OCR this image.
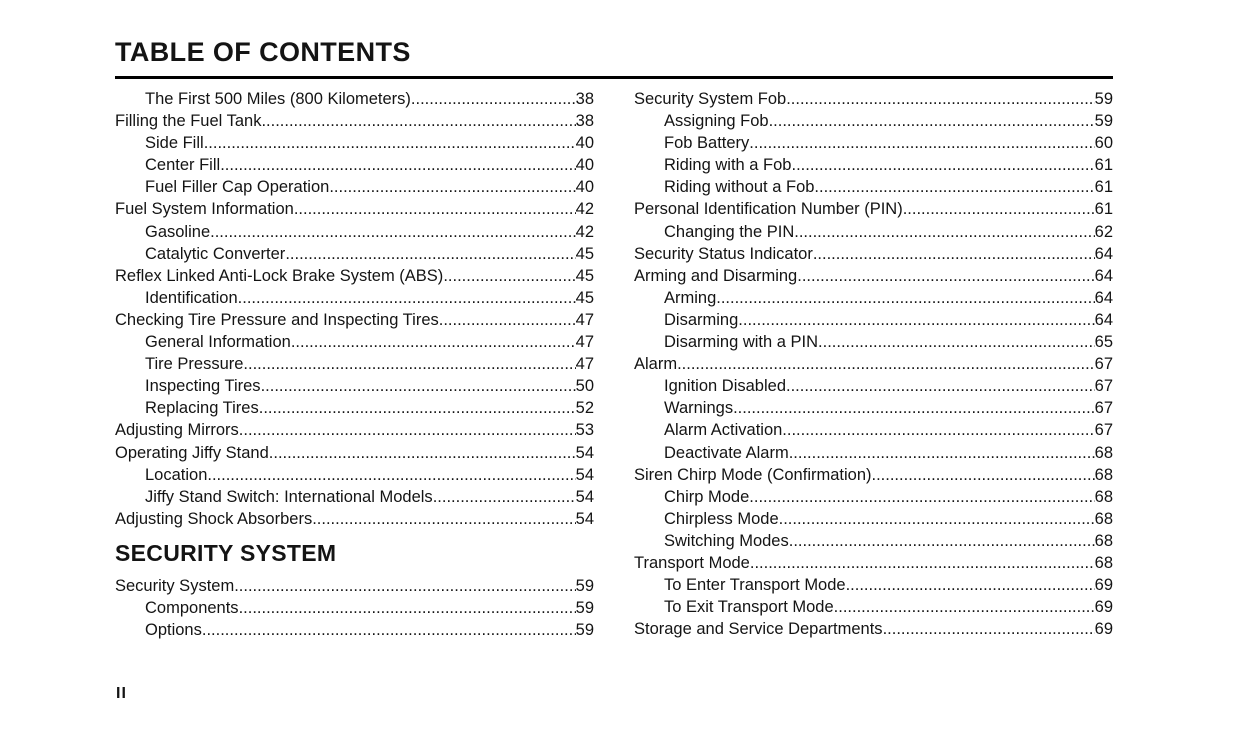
TABLE OF CONTENTS
The First 500 Miles (800 Kilometers) .....	38
Filling the Fuel Tank .....	38
Side Fill .....	40
Center Fill .....	40
Fuel Filler Cap Operation .....	40
Fuel System Information .....	42
Gasoline .....	42
Catalytic Converter .....	45
Reflex Linked Anti-Lock Brake System (ABS) .....	45
Identification .....	45
Checking Tire Pressure and Inspecting Tires .....	47
General Information .....	47
Tire Pressure .....	47
Inspecting Tires .....	50
Replacing Tires .....	52
Adjusting Mirrors .....	53
Operating Jiffy Stand .....	54
Location .....	54
Jiffy Stand Switch: International Models .....	54
Adjusting Shock Absorbers .....	54
SECURITY SYSTEM
Security System .....	59
Components .....	59
Options .....	59
Security System Fob .....	59
Assigning Fob .....	59
Fob Battery .....	60
Riding with a Fob .....	61
Riding without a Fob .....	61
Personal Identification Number (PIN) .....	61
Changing the PIN .....	62
Security Status Indicator .....	64
Arming and Disarming .....	64
Arming .....	64
Disarming .....	64
Disarming with a PIN .....	65
Alarm .....	67
Ignition Disabled .....	67
Warnings .....	67
Alarm Activation .....	67
Deactivate Alarm .....	68
Siren Chirp Mode (Confirmation) .....	68
Chirp Mode .....	68
Chirpless Mode .....	68
Switching Modes .....	68
Transport Mode .....	68
To Enter Transport Mode .....	69
To Exit Transport Mode .....	69
Storage and Service Departments .....	69
II
